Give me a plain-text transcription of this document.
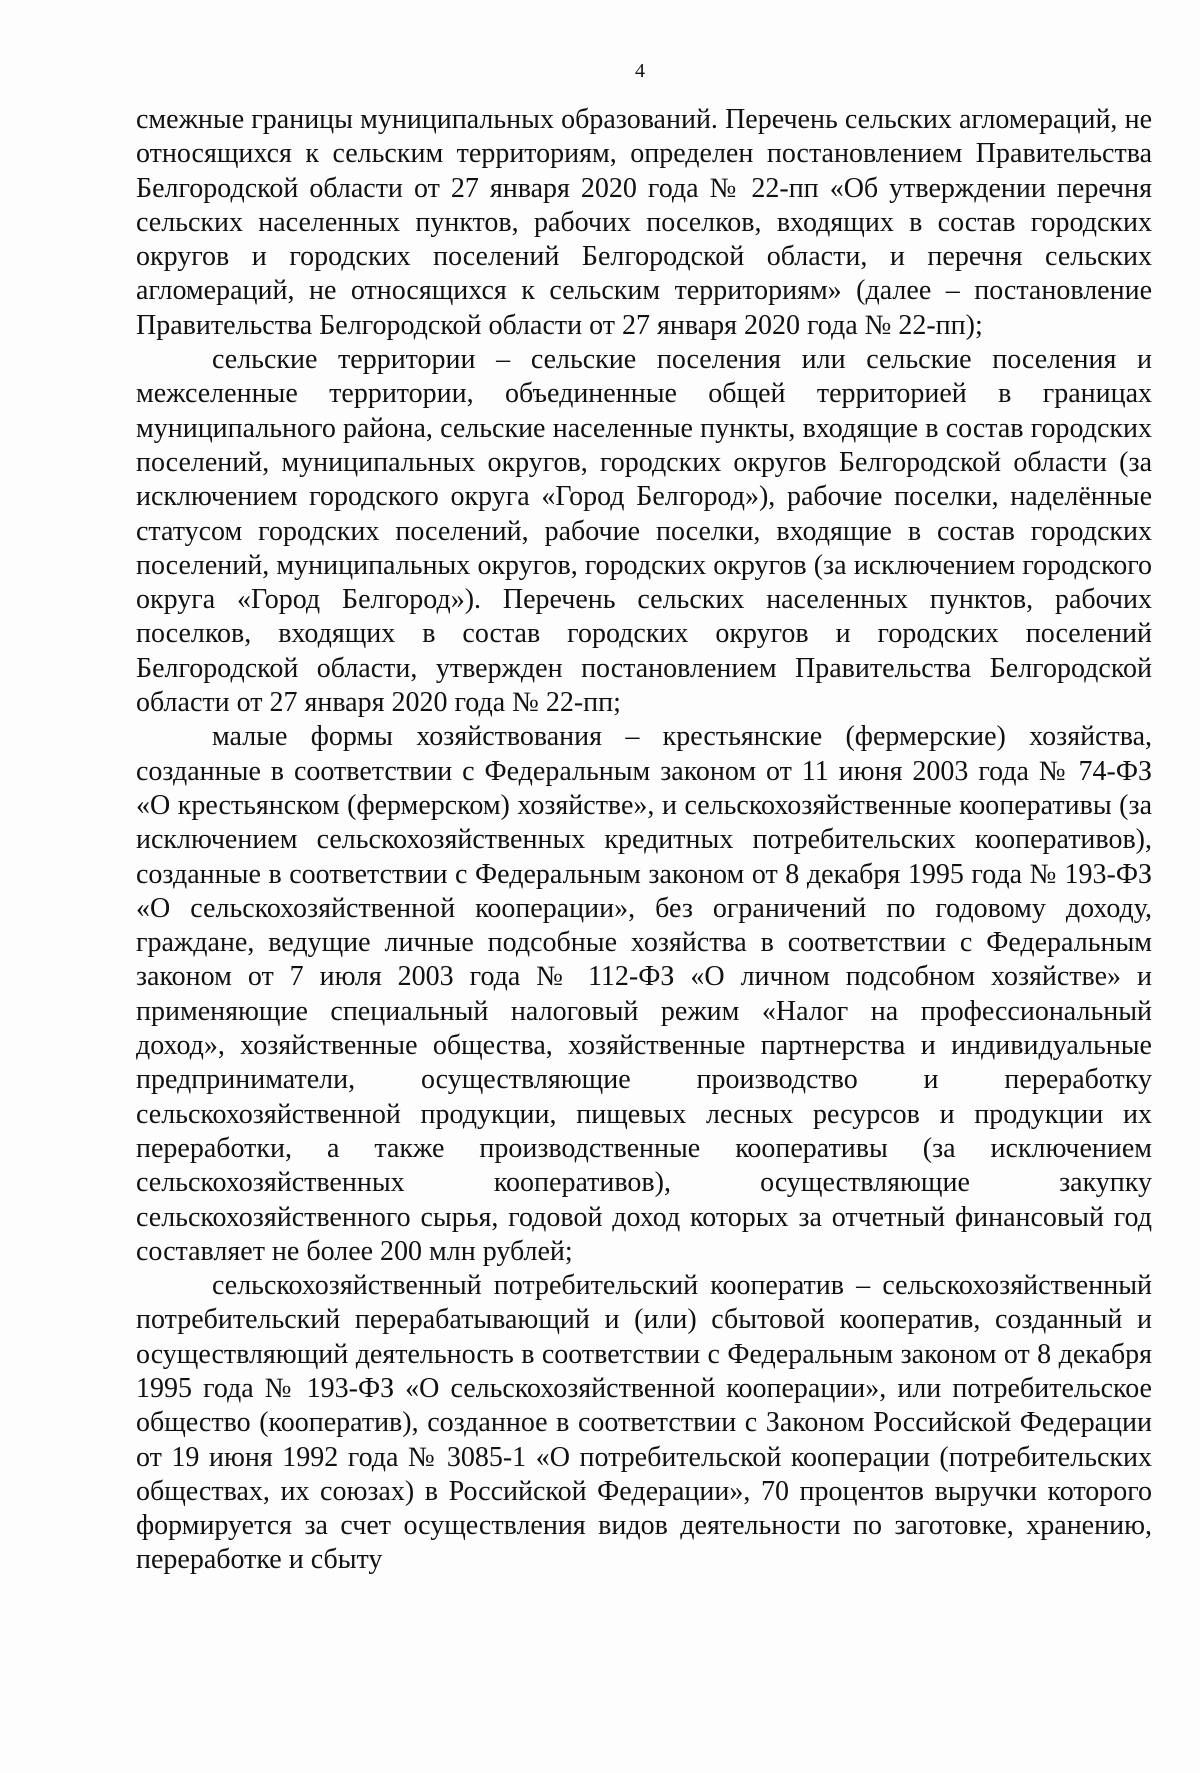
4

смежные границы муниципальных образований. Перечень сельских агломераций, не относящихся к сельским территориям, определен постановлением Правительства Белгородской области от 27 января 2020 года № 22-пп «Об утверждении перечня сельских населенных пунктов, рабочих поселков, входящих в состав городских округов и городских поселений Белгородской области, и перечня сельских агломераций, не относящихся к сельским территориям» (далее – постановление Правительства Белгородской области от 27 января 2020 года № 22-пп);

сельские территории – сельские поселения или сельские поселения и межселенные территории, объединенные общей территорией в границах муниципального района, сельские населенные пункты, входящие в состав городских поселений, муниципальных округов, городских округов Белгородской области (за исключением городского округа «Город Белгород»), рабочие поселки, наделённые статусом городских поселений, рабочие поселки, входящие в состав городских поселений, муниципальных округов, городских округов (за исключением городского округа «Город Белгород»). Перечень сельских населенных пунктов, рабочих поселков, входящих в состав городских округов и городских поселений Белгородской области, утвержден постановлением Правительства Белгородской области от 27 января 2020 года № 22-пп;

малые формы хозяйствования – крестьянские (фермерские) хозяйства, созданные в соответствии с Федеральным законом от 11 июня 2003 года № 74-ФЗ «О крестьянском (фермерском) хозяйстве», и сельскохозяйственные кооперативы (за исключением сельскохозяйственных кредитных потребительских кооперативов), созданные в соответствии с Федеральным законом от 8 декабря 1995 года № 193-ФЗ «О сельскохозяйственной кооперации», без ограничений по годовому доходу, граждане, ведущие личные подсобные хозяйства в соответствии с Федеральным законом от 7 июля 2003 года № 112-ФЗ «О личном подсобном хозяйстве» и применяющие специальный налоговый режим «Налог на профессиональный доход», хозяйственные общества, хозяйственные партнерства и индивидуальные предприниматели, осуществляющие производство и переработку сельскохозяйственной продукции, пищевых лесных ресурсов и продукции их переработки, а также производственные кооперативы (за исключением сельскохозяйственных кооперативов), осуществляющие закупку сельскохозяйственного сырья, годовой доход которых за отчетный финансовый год составляет не более 200 млн рублей;

сельскохозяйственный потребительский кооператив – сельскохозяйственный потребительский перерабатывающий и (или) сбытовой кооператив, созданный и осуществляющий деятельность в соответствии с Федеральным законом от 8 декабря 1995 года № 193-ФЗ «О сельскохозяйственной кооперации», или потребительское общество (кооператив), созданное в соответствии с Законом Российской Федерации от 19 июня 1992 года № 3085-1 «О потребительской кооперации (потребительских обществах, их союзах) в Российской Федерации», 70 процентов выручки которого формируется за счет осуществления видов деятельности по заготовке, хранению, переработке и сбыту
